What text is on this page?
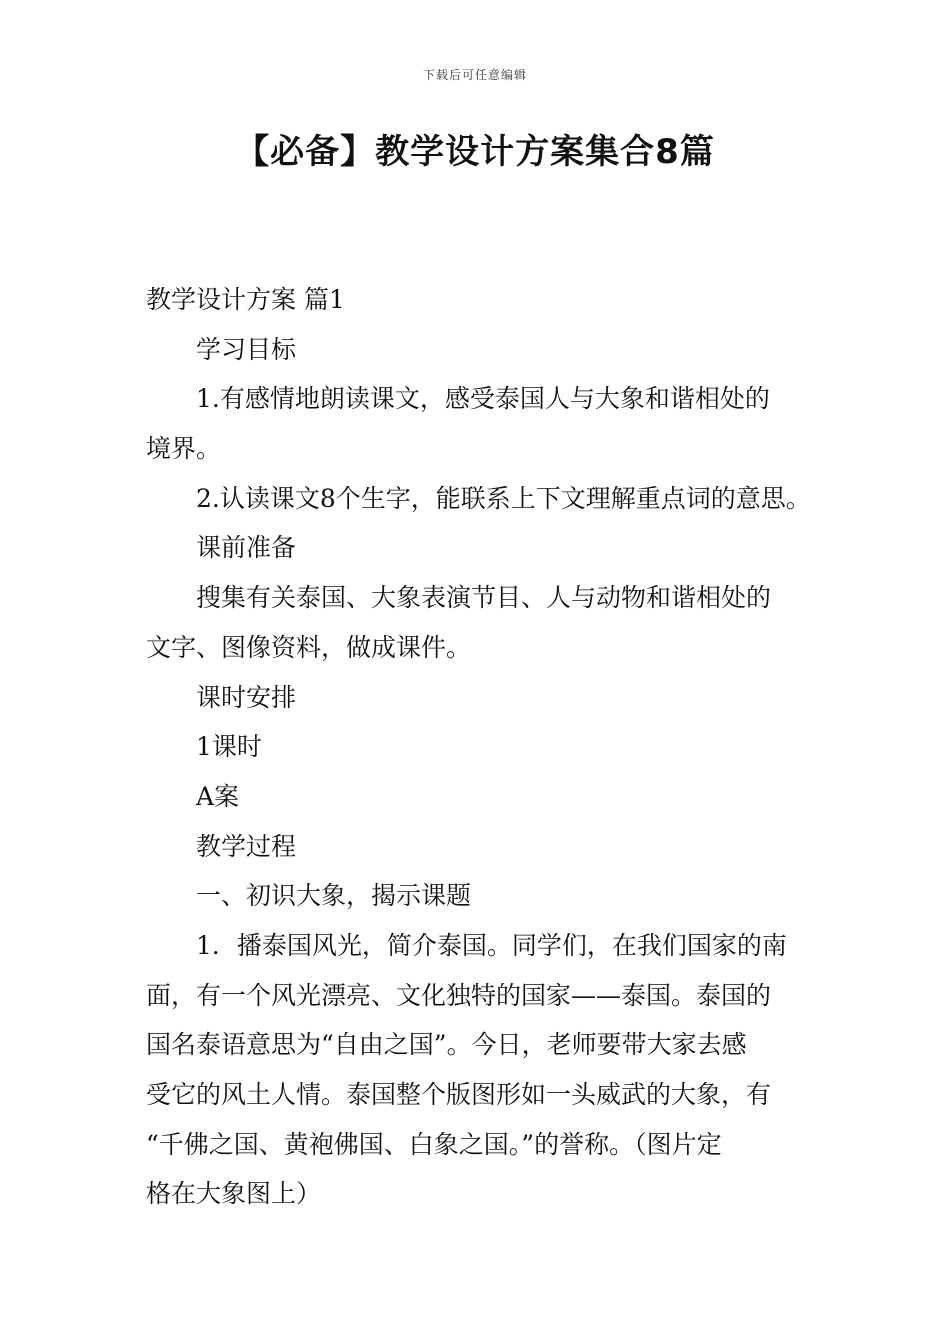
下载后可任意编辑
【必备】教学设计方案集合8篇

教学设计方案 篇1

学习目标

1.有感情地朗读课文，感受泰国人与大象和谐相处的

境界。

2.认读课文8个生字，能联系上下文理解重点词的意思。

课前准备

搜集有关泰国、大象表演节目、人与动物和谐相处的

文字、图像资料，做成课件。

课时安排

1课时

A案

教学过程

一、初识大象，揭示课题

1．播泰国风光，简介泰国。同学们，在我们国家的南

面，有一个风光漂亮、文化独特的国家——泰国。泰国的

国名泰语意思为“自由之国”。今日，老师要带大家去感

受它的风土人情。泰国整个版图形如一头威武的大象，有

“千佛之国、黄袍佛国、白象之国。”的誉称。（图片定

格在大象图上）
